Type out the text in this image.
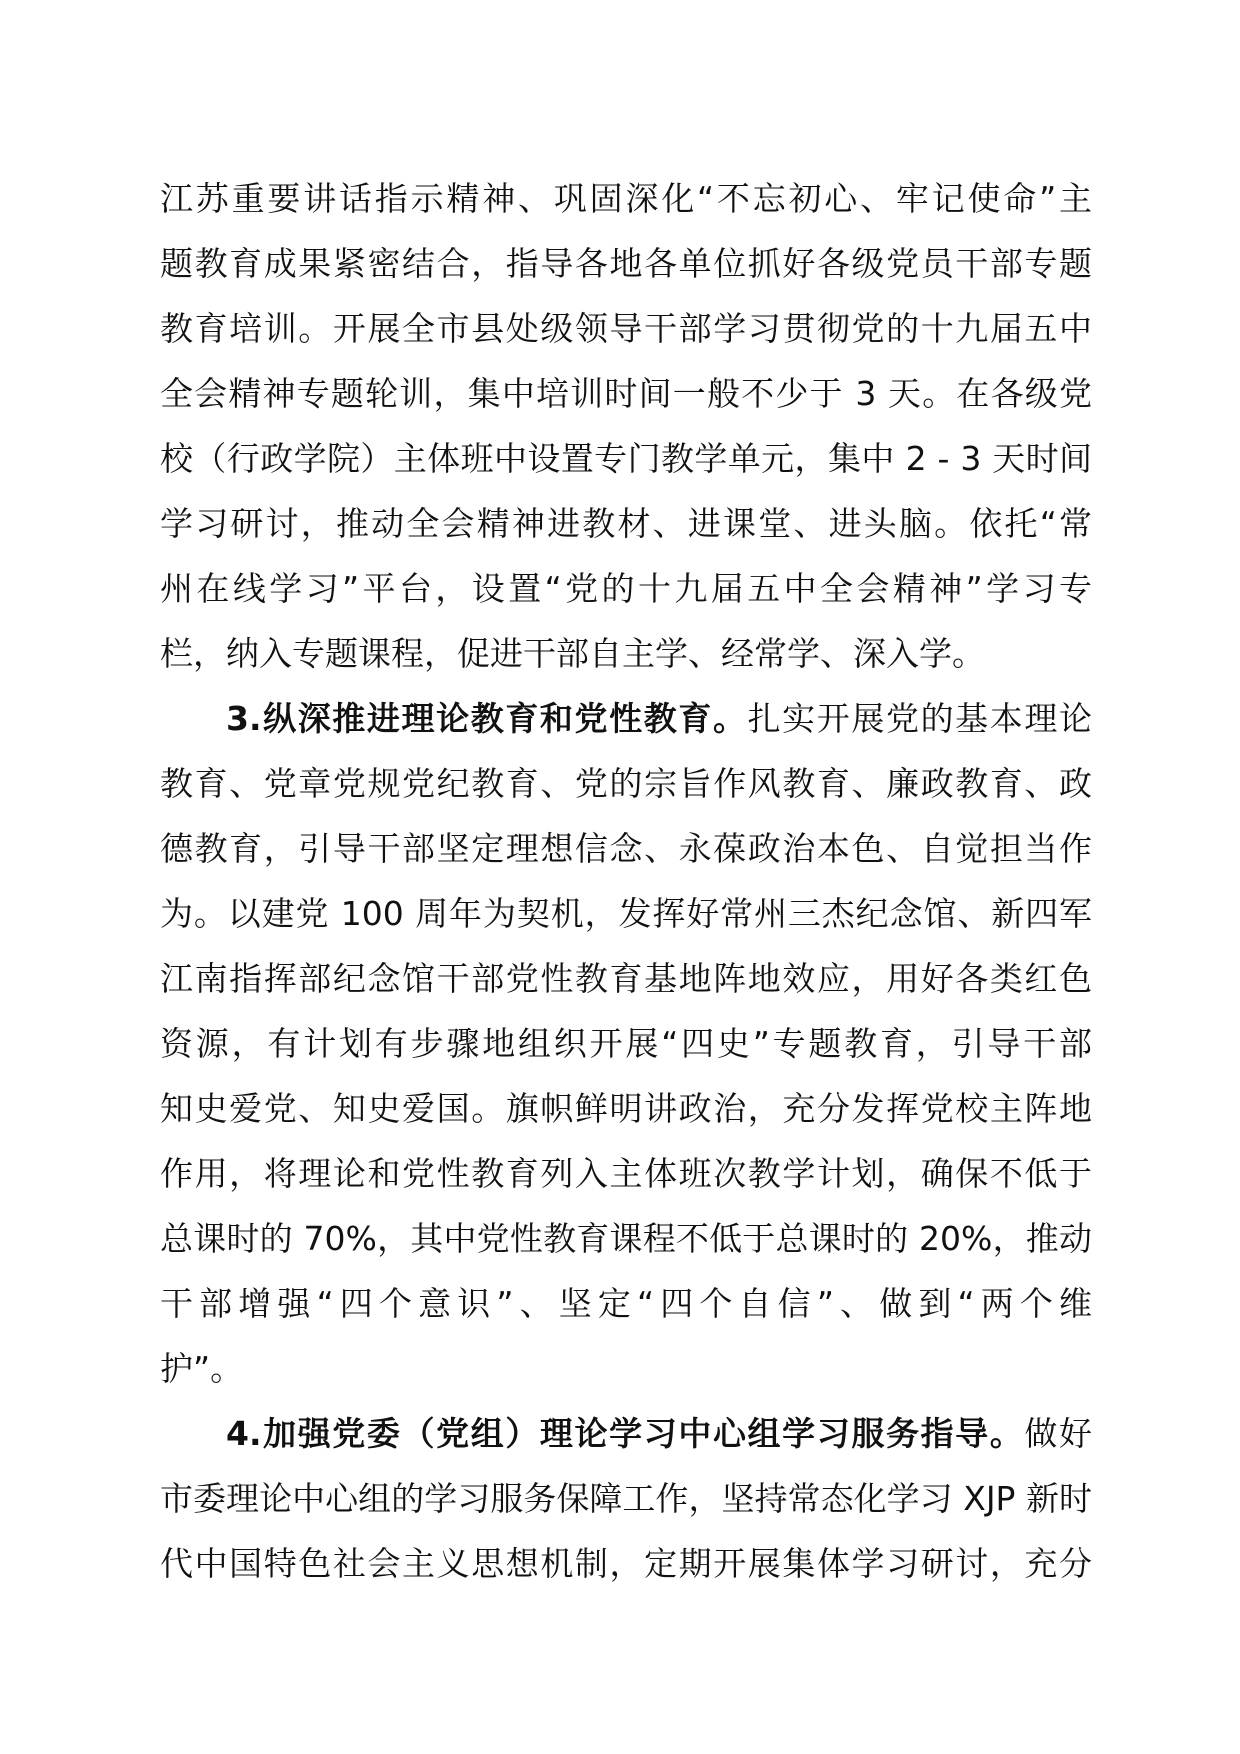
江苏重要讲话指示精神、巩固深化“不忘初心、牢记使命”主
题教育成果紧密结合，指导各地各单位抓好各级党员干部专题
教育培训。开展全市县处级领导干部学习贯彻党的十九届五中
全会精神专题轮训，集中培训时间一般不少于 3 天。在各级党
校（行政学院）主体班中设置专门教学单元，集中 2 - 3 天时间
学习研讨，推动全会精神进教材、进课堂、进头脑。依托“常
州在线学习”平台，设置“党的十九届五中全会精神”学习专
栏，纳入专题课程，促进干部自主学、经常学、深入学。
3.纵深推进理论教育和党性教育。扎实开展党的基本理论
教育、党章党规党纪教育、党的宗旨作风教育、廉政教育、政
德教育，引导干部坚定理想信念、永葆政治本色、自觉担当作
为。以建党 100 周年为契机，发挥好常州三杰纪念馆、新四军
江南指挥部纪念馆干部党性教育基地阵地效应，用好各类红色
资源，有计划有步骤地组织开展“四史”专题教育，引导干部
知史爱党、知史爱国。旗帜鲜明讲政治，充分发挥党校主阵地
作用，将理论和党性教育列入主体班次教学计划，确保不低于
总课时的 70%，其中党性教育课程不低于总课时的 20%，推动
干部增强“四个意识”、坚定“四个自信”、做到“两个维
护”。
4.加强党委（党组）理论学习中心组学习服务指导。做好
市委理论中心组的学习服务保障工作，坚持常态化学习 XJP 新时
代中国特色社会主义思想机制，定期开展集体学习研讨，充分
